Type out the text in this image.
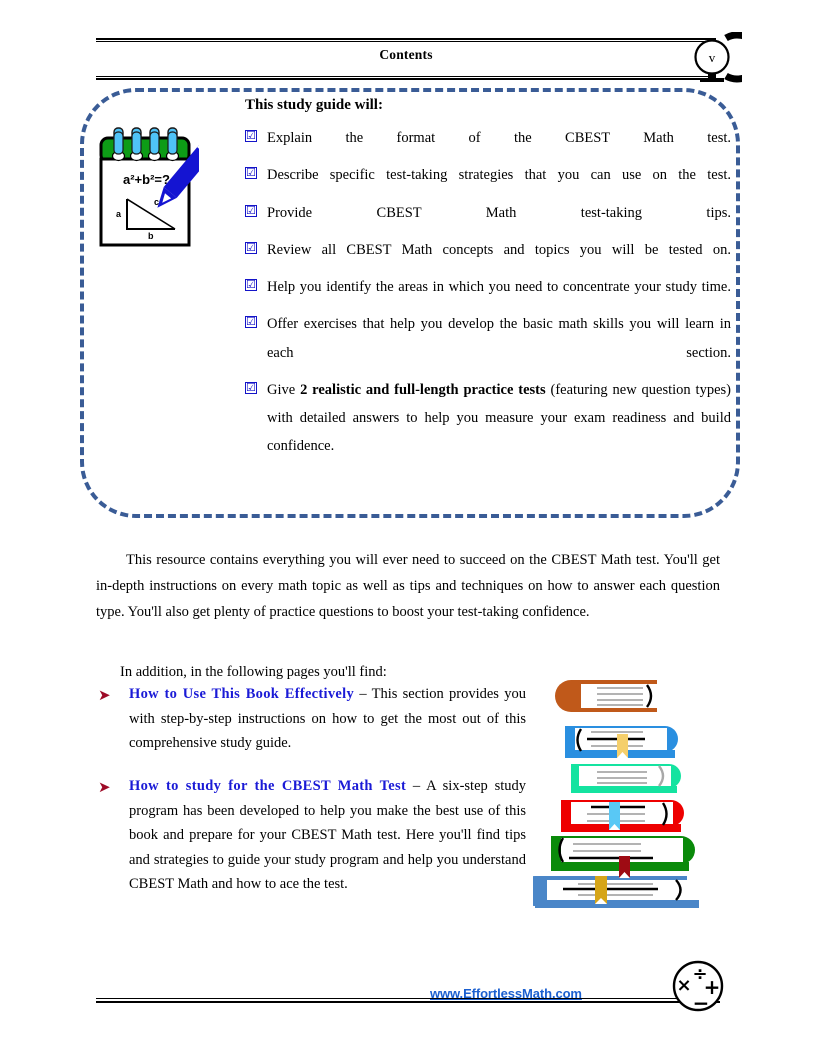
Contents	v
a²+b²=?
a
b
c
This study guide will:
☑ Explain the format of the CBEST Math test.
☑ Describe specific test-taking strategies that you can use on the test.
☑ Provide CBEST Math test-taking tips.
☑ Review all CBEST Math concepts and topics you will be tested on.
☑ Help you identify the areas in which you need to concentrate your study time.
☑ Offer exercises that help you develop the basic math skills you will learn in each section.
☑ Give 2 realistic and full-length practice tests (featuring new question types) with detailed answers to help you measure your exam readiness and build confidence.

This resource contains everything you will ever need to succeed on the CBEST Math test. You'll get in-depth instructions on every math topic as well as tips and techniques on how to answer each question type. You'll also get plenty of practice questions to boost your test-taking confidence.

In addition, in the following pages you'll find:

➤ How to Use This Book Effectively – This section provides you with step-by-step instructions on how to get the most out of this comprehensive study guide.
➤ How to study for the CBEST Math Test – A six-step study program has been developed to help you make the best use of this book and prepare for your CBEST Math test. Here you'll find tips and strategies to guide your study program and help you understand CBEST Math and how to ace the test.
www.EffortlessMath.com	×
÷
+
−
